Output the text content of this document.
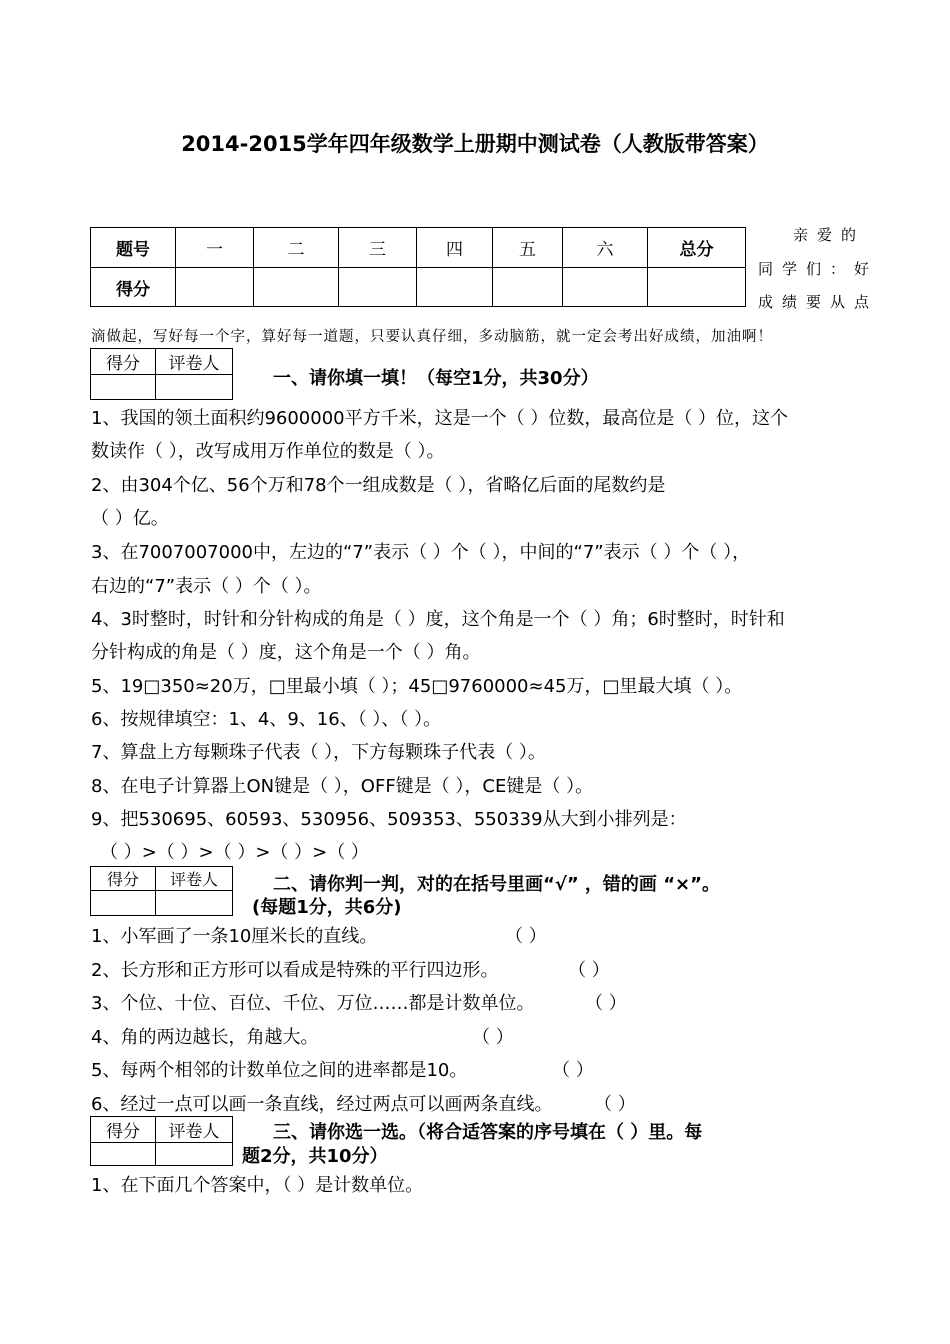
2014-2015学年四年级数学上册期中测试卷（人教版带答案）
题号	一	二	三	四	五	六	总分
得分							
亲爱的
同学们：好
成绩要从点
滴做起，写好每一个字，算好每一道题，只要认真仔细，多动脑筋，就一定会考出好成绩，加油啊！
得分	评卷人

一、请你填一填！（每空1分，共30分）
1、我国的领土面积约9600000平方千米，这是一个（ ）位数，最高位是（ ）位，这个
数读作（ ），改写成用万作单位的数是（ ）。
2、由304个亿、56个万和78个一组成数是（ ），省略亿后面的尾数约是
（ ）亿。
3、在7007007000中，左边的“7”表示（ ）个（ ），中间的“7”表示（ ）个（ ），
右边的“7”表示（ ）个（ ）。
4、3时整时，时针和分针构成的角是（ ）度，这个角是一个（ ）角；6时整时，时针和
分针构成的角是（ ）度，这个角是一个（ ）角。
5、19□350≈20万，□里最小填（ ）；45□9760000≈45万，□里最大填（ ）。
6、按规律填空：1、4、9、16、（ ）、（ ）。
7、算盘上方每颗珠子代表（ ），下方每颗珠子代表（ ）。
8、在电子计算器上ON键是（ ），OFF键是（ ），CE键是（ ）。
9、把530695、60593、530956、509353、550339从大到小排列是：
（ ）>（ ）>（ ）>（ ）>（ ）
得分	评卷人
		二、请你判一判，对的在括号里画“√” ，错的画 “×”。
(每题1分，共6分)
1、小军画了一条10厘米长的直线。	（ ）
2、长方形和正方形可以看成是特殊的平行四边形。	（ ）
3、个位、十位、百位、千位、万位……都是计数单位。	（ ）
4、角的两边越长，角越大。	（ ）
5、每两个相邻的计数单位之间的进率都是10。	（ ）
6、经过一点可以画一条直线，经过两点可以画两条直线。 （ ）
得分	评卷人
		三、请你选一选。（将合适答案的序号填在（ ）里。每
题2分，共10分）
1、在下面几个答案中，（ ）是计数单位。
